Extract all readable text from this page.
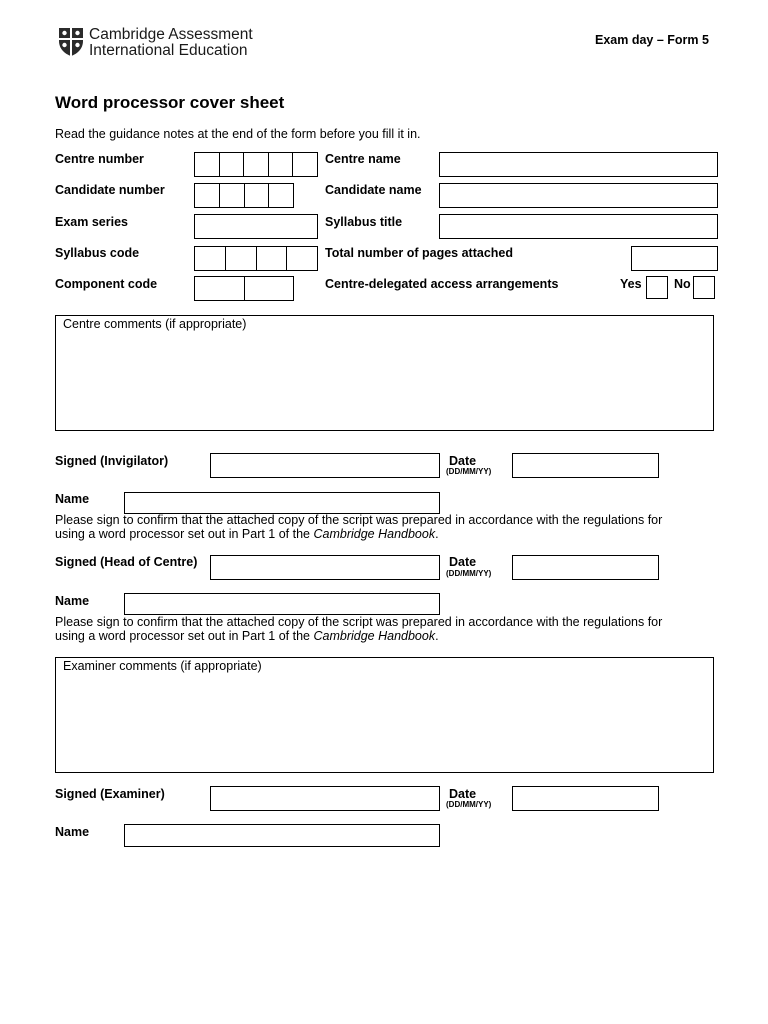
Cambridge Assessment
International Education
Exam day – Form 5
Word processor cover sheet
Read the guidance notes at the end of the form before you fill it in.
Centre number	Centre name
Candidate number	Candidate name
Exam series	Syllabus title
Syllabus code	Total number of pages attached
Component code	Centre-delegated access arrangements	Yes	No
Centre comments (if appropriate)
Signed (Invigilator)	Date
(DD/MM/YY)
Name
Please sign to confirm that the attached copy of the script was prepared in accordance with the regulations for
using a word processor set out in Part 1 of the Cambridge Handbook.
Signed (Head of Centre)	Date
(DD/MM/YY)
Name
Please sign to confirm that the attached copy of the script was prepared in accordance with the regulations for
using a word processor set out in Part 1 of the Cambridge Handbook.
Examiner comments (if appropriate)
Signed (Examiner)	Date
(DD/MM/YY)
Name
